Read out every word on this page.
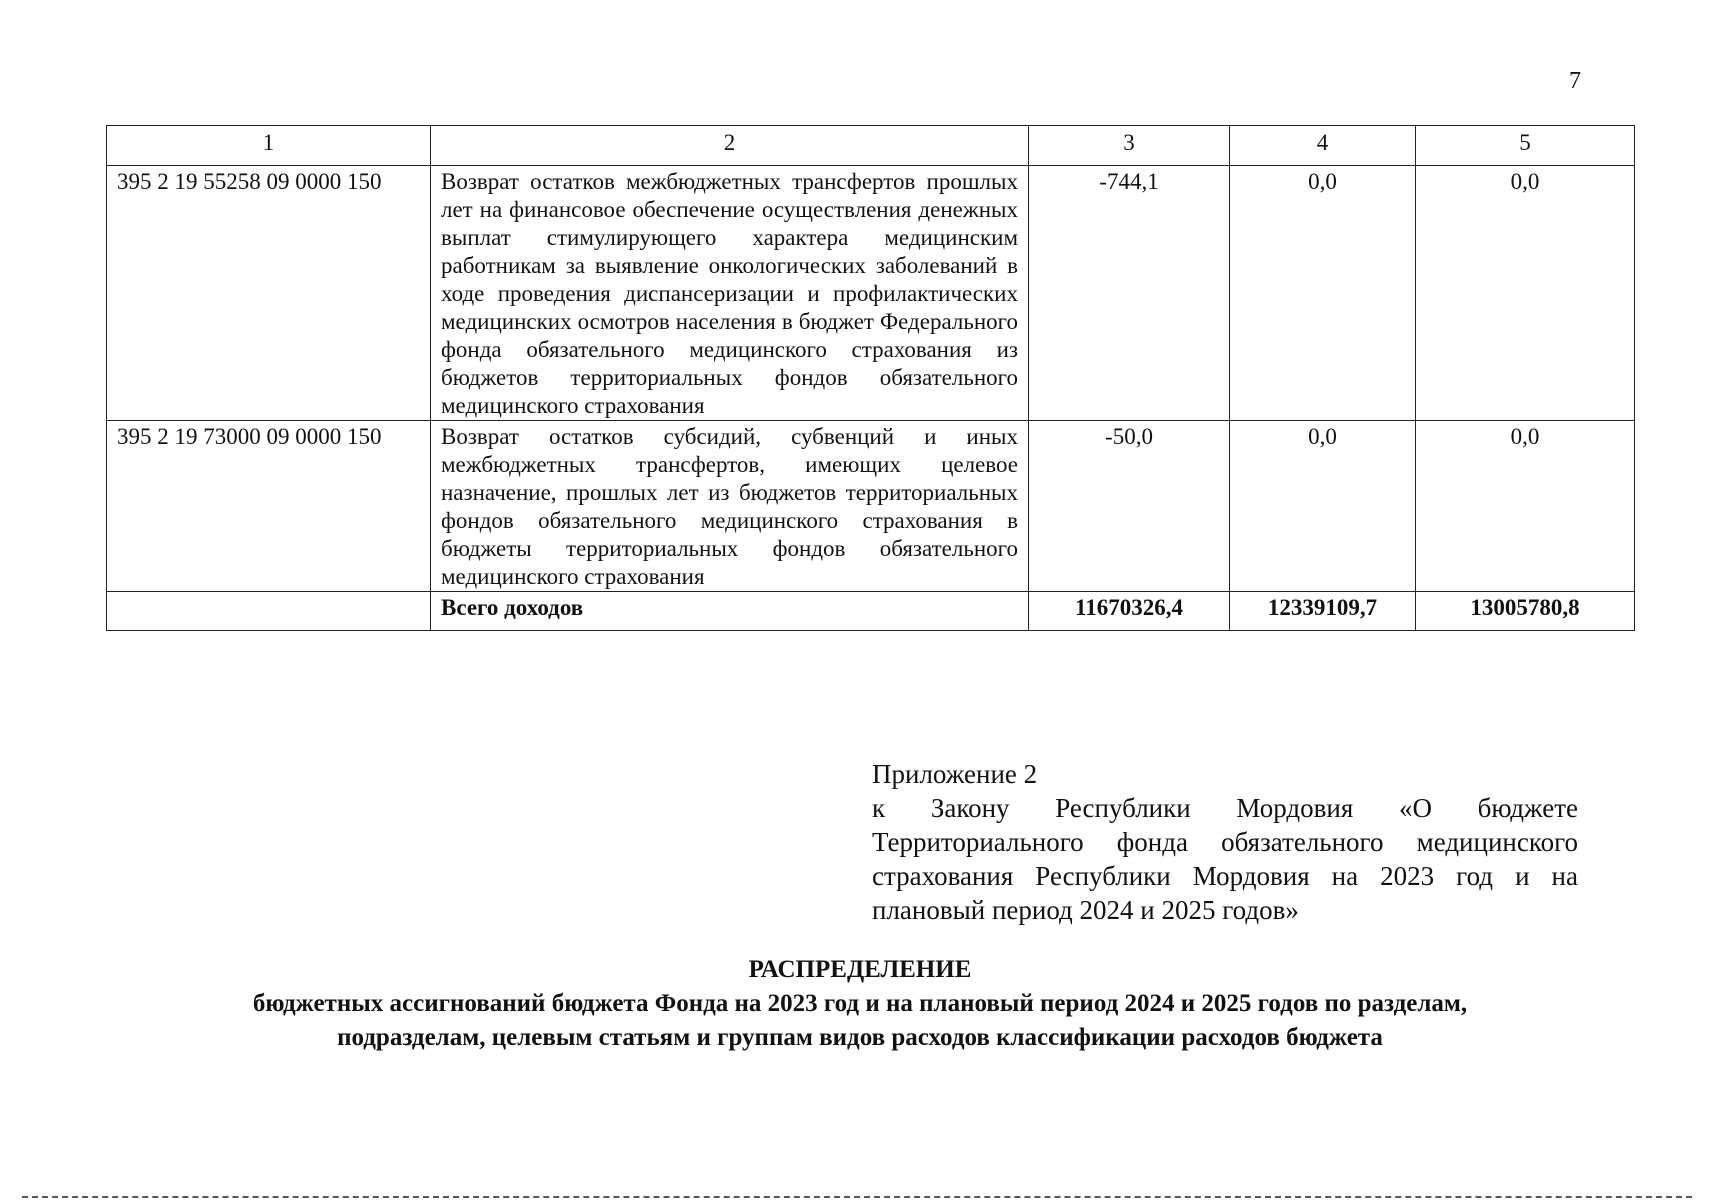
7
1	2	3	4	5
395 2 19 55258 09 0000 150	Возврат остатков межбюджетных трансфертов прошлых лет на финансовое обеспечение осуществления денежных выплат стимулирующего характера медицинским работникам за выявление онкологических заболеваний в ходе проведения диспансеризации и профилактических медицинских осмотров населения в бюджет Федерального фонда обязательного медицинского страхования из бюджетов территориальных фондов обязательного медицинского страхования	-744,1	0,0	0,0
395 2 19 73000 09 0000 150	Возврат остатков субсидий, субвенций и иных межбюджетных трансфертов, имеющих целевое назначение, прошлых лет из бюджетов территориальных фондов обязательного медицинского страхования в бюджеты территориальных фондов обязательного медицинского страхования	-50,0	0,0	0,0
	Всего доходов	11670326,4	12339109,7	13005780,8
Приложение 2
к Закону Республики Мордовия «О бюджете Территориального фонда обязательного медицинского страхования Республики Мордовия на 2023 год и на плановый период 2024 и 2025 годов»
РАСПРЕДЕЛЕНИЕ
бюджетных ассигнований бюджета Фонда на 2023 год и на плановый период 2024 и 2025 годов по разделам,
подразделам, целевым статьям и группам видов расходов классификации расходов бюджета
